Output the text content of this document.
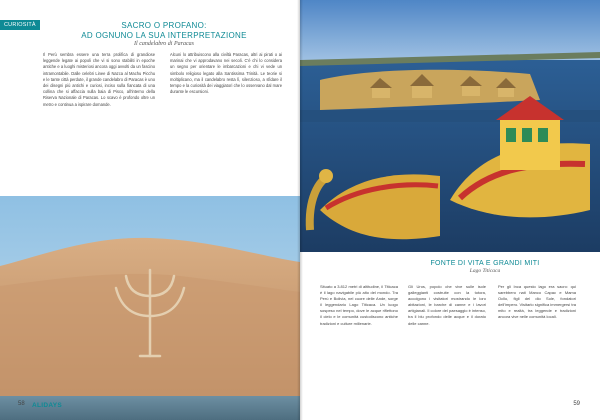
CURIOSITÀ	SACRO O PROFANO:
AD OGNUNO LA SUA INTERPRETAZIONE
Il candelabro di Paracas

Il Perù sembra essere una terra prolifica di grandiose leggende legate ai popoli che vi si sono stabiliti in epoche antiche e a luoghi misteriosi ancora oggi avvolti da un fascino intramontabile. Dalle celebri Linee di Nazca al Machu Picchu e le tante città perdute, il grande candelabro di Paracas è uno dei disegni più antichi e curiosi, inciso sulla fiancata di una collina che si affaccia sulla baia di Pisco, all'interno della Riserva Nazionale di Paracas. Lo scavo è profondo oltre un metro e continua a ispirare domande.

Alcuni lo attribuiscono alla civiltà Paracas, altri ai pirati o ai marinai che vi approdavano nei secoli. C'è chi lo considera un segno per orientare le imbarcazioni e chi vi vede un simbolo religioso legato alla Santissima Trinità. Le teorie si moltiplicano, ma il candelabro resta lì, silenzioso, a sfidare il tempo e la curiosità dei viaggiatori che lo osservano dal mare durante le escursioni.

58 ALIDAYS
FONTE DI VITA E GRANDI MITI
Lago Titicaca

Situato a 3.812 metri di altitudine, il Titicaca è il lago navigabile più alto del mondo. Tra Perù e Bolivia, nel cuore delle Ande, sorge il leggendario Lago Titicaca. Un luogo sospeso nel tempo, dove le acque riflettono il cielo e le comunità custodiscono antiche tradizioni e culture millenarie.

Gli Uros, popolo che vive sulle isole galleggianti costruite con la totora, accolgono i visitatori mostrando le loro abitazioni, le barche di canne e i lavori artigianali. Il colore del paesaggio è intenso, tra il blu profondo delle acque e il dorato delle canne.

Per gli Inca questo lago era sacro: qui sarebbero nati Manco Capac e Mama Ocllo, figli del dio Sole, fondatori dell'impero. Visitarlo significa immergersi tra mito e realtà, tra leggende e tradizioni ancora vive nelle comunità locali.

59
